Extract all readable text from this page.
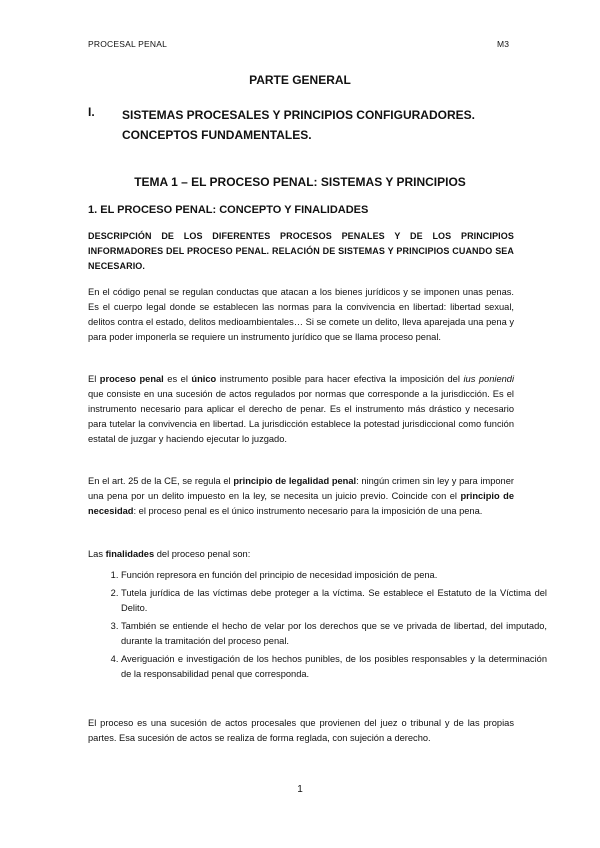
PROCESAL PENAL	M3
PARTE GENERAL
I. SISTEMAS PROCESALES Y PRINCIPIOS CONFIGURADORES. CONCEPTOS FUNDAMENTALES.
TEMA 1 – EL PROCESO PENAL: SISTEMAS Y PRINCIPIOS
1. EL PROCESO PENAL: CONCEPTO Y FINALIDADES
DESCRIPCIÓN DE LOS DIFERENTES PROCESOS PENALES Y DE LOS PRINCIPIOS INFORMADORES DEL PROCESO PENAL. RELACIÓN DE SISTEMAS Y PRINCIPIOS CUANDO SEA NECESARIO.
En el código penal se regulan conductas que atacan a los bienes jurídicos y se imponen unas penas. Es el cuerpo legal donde se establecen las normas para la convivencia en libertad: libertad sexual, delitos contra el estado, delitos medioambientales… Si se comete un delito, lleva aparejada una pena y para poder imponerla se requiere un instrumento jurídico que se llama proceso penal.
El proceso penal es el único instrumento posible para hacer efectiva la imposición del ius poniendi que consiste en una sucesión de actos regulados por normas que corresponde a la jurisdicción. Es el instrumento necesario para aplicar el derecho de penar. Es el instrumento más drástico y necesario para tutelar la convivencia en libertad. La jurisdicción establece la potestad jurisdiccional como función estatal de juzgar y haciendo ejecutar lo juzgado.
En el art. 25 de la CE, se regula el principio de legalidad penal: ningún crimen sin ley y para imponer una pena por un delito impuesto en la ley, se necesita un juicio previo. Coincide con el principio de necesidad: el proceso penal es el único instrumento necesario para la imposición de una pena.
Las finalidades del proceso penal son:
1. Función represora en función del principio de necesidad imposición de pena.
2. Tutela jurídica de las víctimas debe proteger a la víctima. Se establece el Estatuto de la Víctima del Delito.
3. También se entiende el hecho de velar por los derechos que se ve privada de libertad, del imputado, durante la tramitación del proceso penal.
4. Averiguación e investigación de los hechos punibles, de los posibles responsables y la determinación de la responsabilidad penal que corresponda.
El proceso es una sucesión de actos procesales que provienen del juez o tribunal y de las propias partes. Esa sucesión de actos se realiza de forma reglada, con sujeción a derecho.
1
